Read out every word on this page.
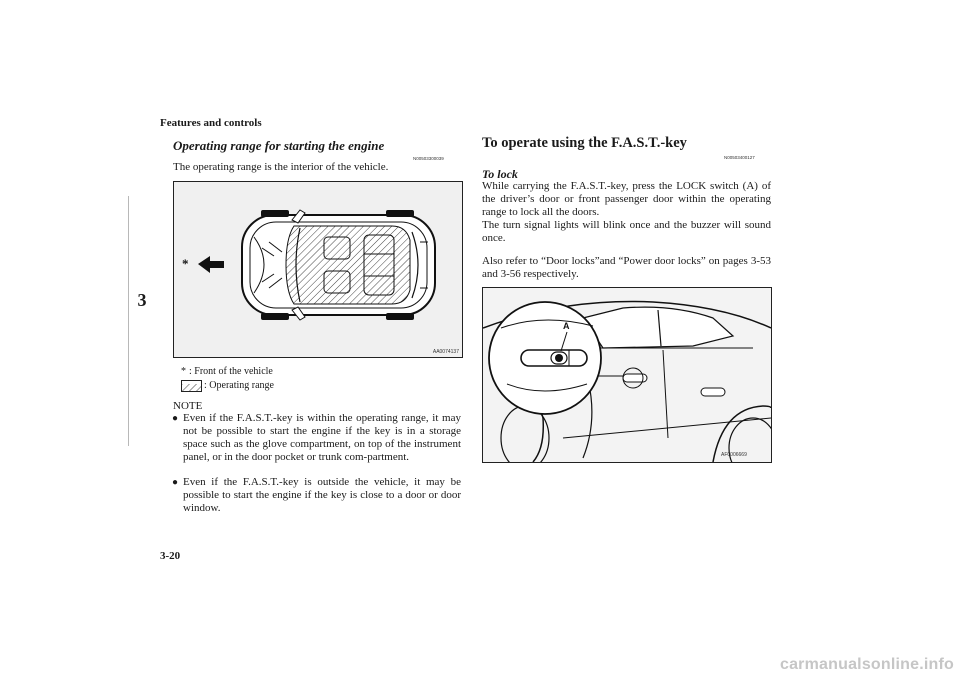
Features and controls
3
Operating range for starting the engine
N00503300039
The operating range is the interior of the vehicle.
*
AA0074137
* : Front of the vehicle
: Operating range
NOTE
● Even if the F.A.S.T.-key is within the operating range, it may not be possible to start the engine if the key is in a storage space such as the glove compartment, on top of the instrument panel, or in the door pocket or trunk com-partment.
● Even if the F.A.S.T.-key is outside the vehicle, it may be possible to start the engine if the key is close to a door or door window.
To operate using the F.A.S.T.-key
N00503400127
To lock
While carrying the F.A.S.T.-key, press the LOCK switch (A) of the driver’s door or front passenger door within the operating range to lock all the doors.
The turn signal lights will blink once and the buzzer will sound once.
Also refer to “Door locks”and “Power door locks” on pages 3-53 and 3-56 respectively.
A
AF0006669
3-20
carmanualsonline.info
